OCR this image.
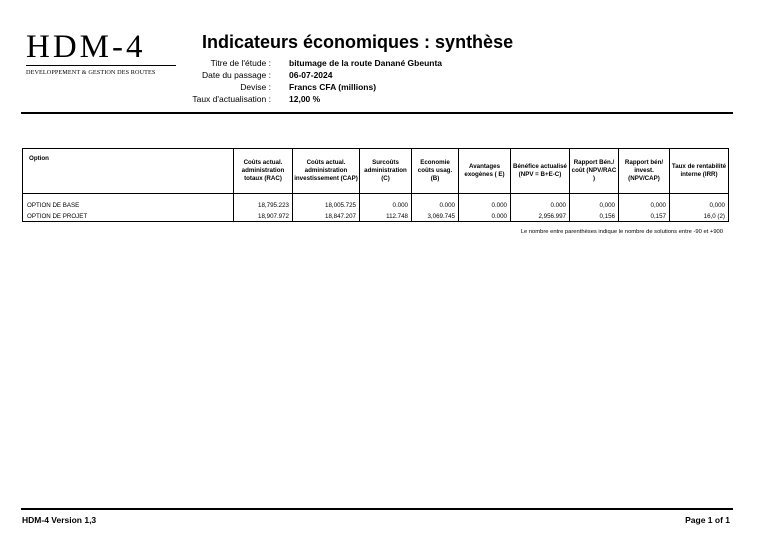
HDM-4
DEVELOPPEMENT & GESTION DES ROUTES
Indicateurs économiques : synthèse
Titre de l'étude :	bitumage de la route Danané Gbeunta
Date du passage :	06-07-2024
Devise :	Francs CFA (millions)
Taux d'actualisation :	12,00 %
Option	Coûts actual. administration totaux (RAC)	Coûts actual. administration investissement (CAP)	Surcoûts administration (C)	Economie coûts usag. (B)	Avantages exogènes ( E)	Bénéfice actualisé (NPV = B+E-C)	Rapport Bén./ coût (NPV/RAC )	Rapport bén/ invest. (NPV/CAP)	Taux de rentabilité interne (IRR)

OPTION DE BASE	18,795.223	18,005.725	0.000	0.000	0.000	0.000	0,000	0,000	0,000
OPTION DE PROJET	18,907.972	18,847.207	112.748	3,069.745	0.000	2,956.997	0,156	0,157	16,0 (2)
Le nombre entre parenthèses indique le nombre de solutions entre -90 et +900
HDM-4 Version 1,3	Page 1 of 1
